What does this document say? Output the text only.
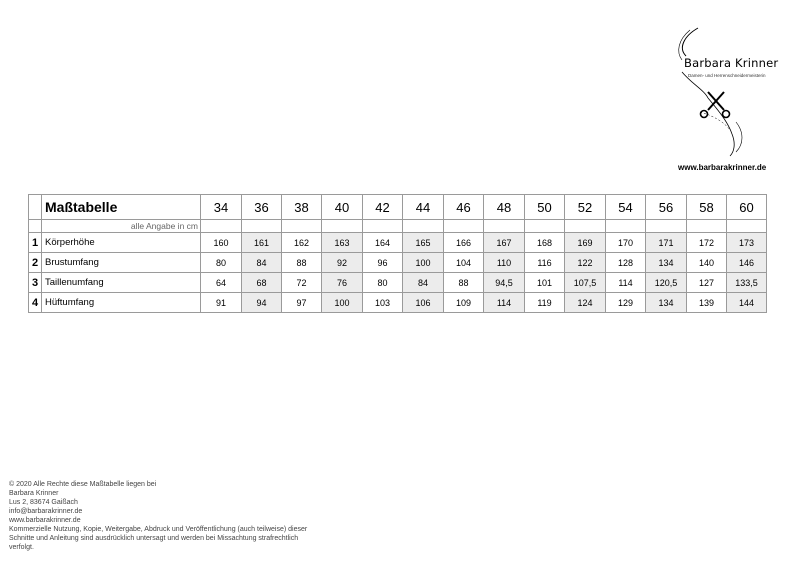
Barbara Krinner
Damen- und Herrenschneidermeisterin
www.barbarakrinner.de
	Maßtabelle	34	36	38	40	42	44	46	48	50	52	54	56	58	60
	alle Angabe in cm														
1	Körperhöhe	160	161	162	163	164	165	166	167	168	169	170	171	172	173
2	Brustumfang	80	84	88	92	96	100	104	110	116	122	128	134	140	146
3	Taillenumfang	64	68	72	76	80	84	88	94,5	101	107,5	114	120,5	127	133,5
4	Hüftumfang	91	94	97	100	103	106	109	114	119	124	129	134	139	144
© 2020 Alle Rechte diese Maßtabelle liegen bei
Barbara Krinner
Lus 2, 83674 Gaißach
info@barbarakrinner.de
www.barbarakrinner.de
Kommerzielle Nutzung, Kopie, Weitergabe, Abdruck und Veröffentlichung (auch teilweise) dieser
Schnitte und Anleitung sind ausdrücklich untersagt und werden bei Missachtung strafrechtlich
verfolgt.
